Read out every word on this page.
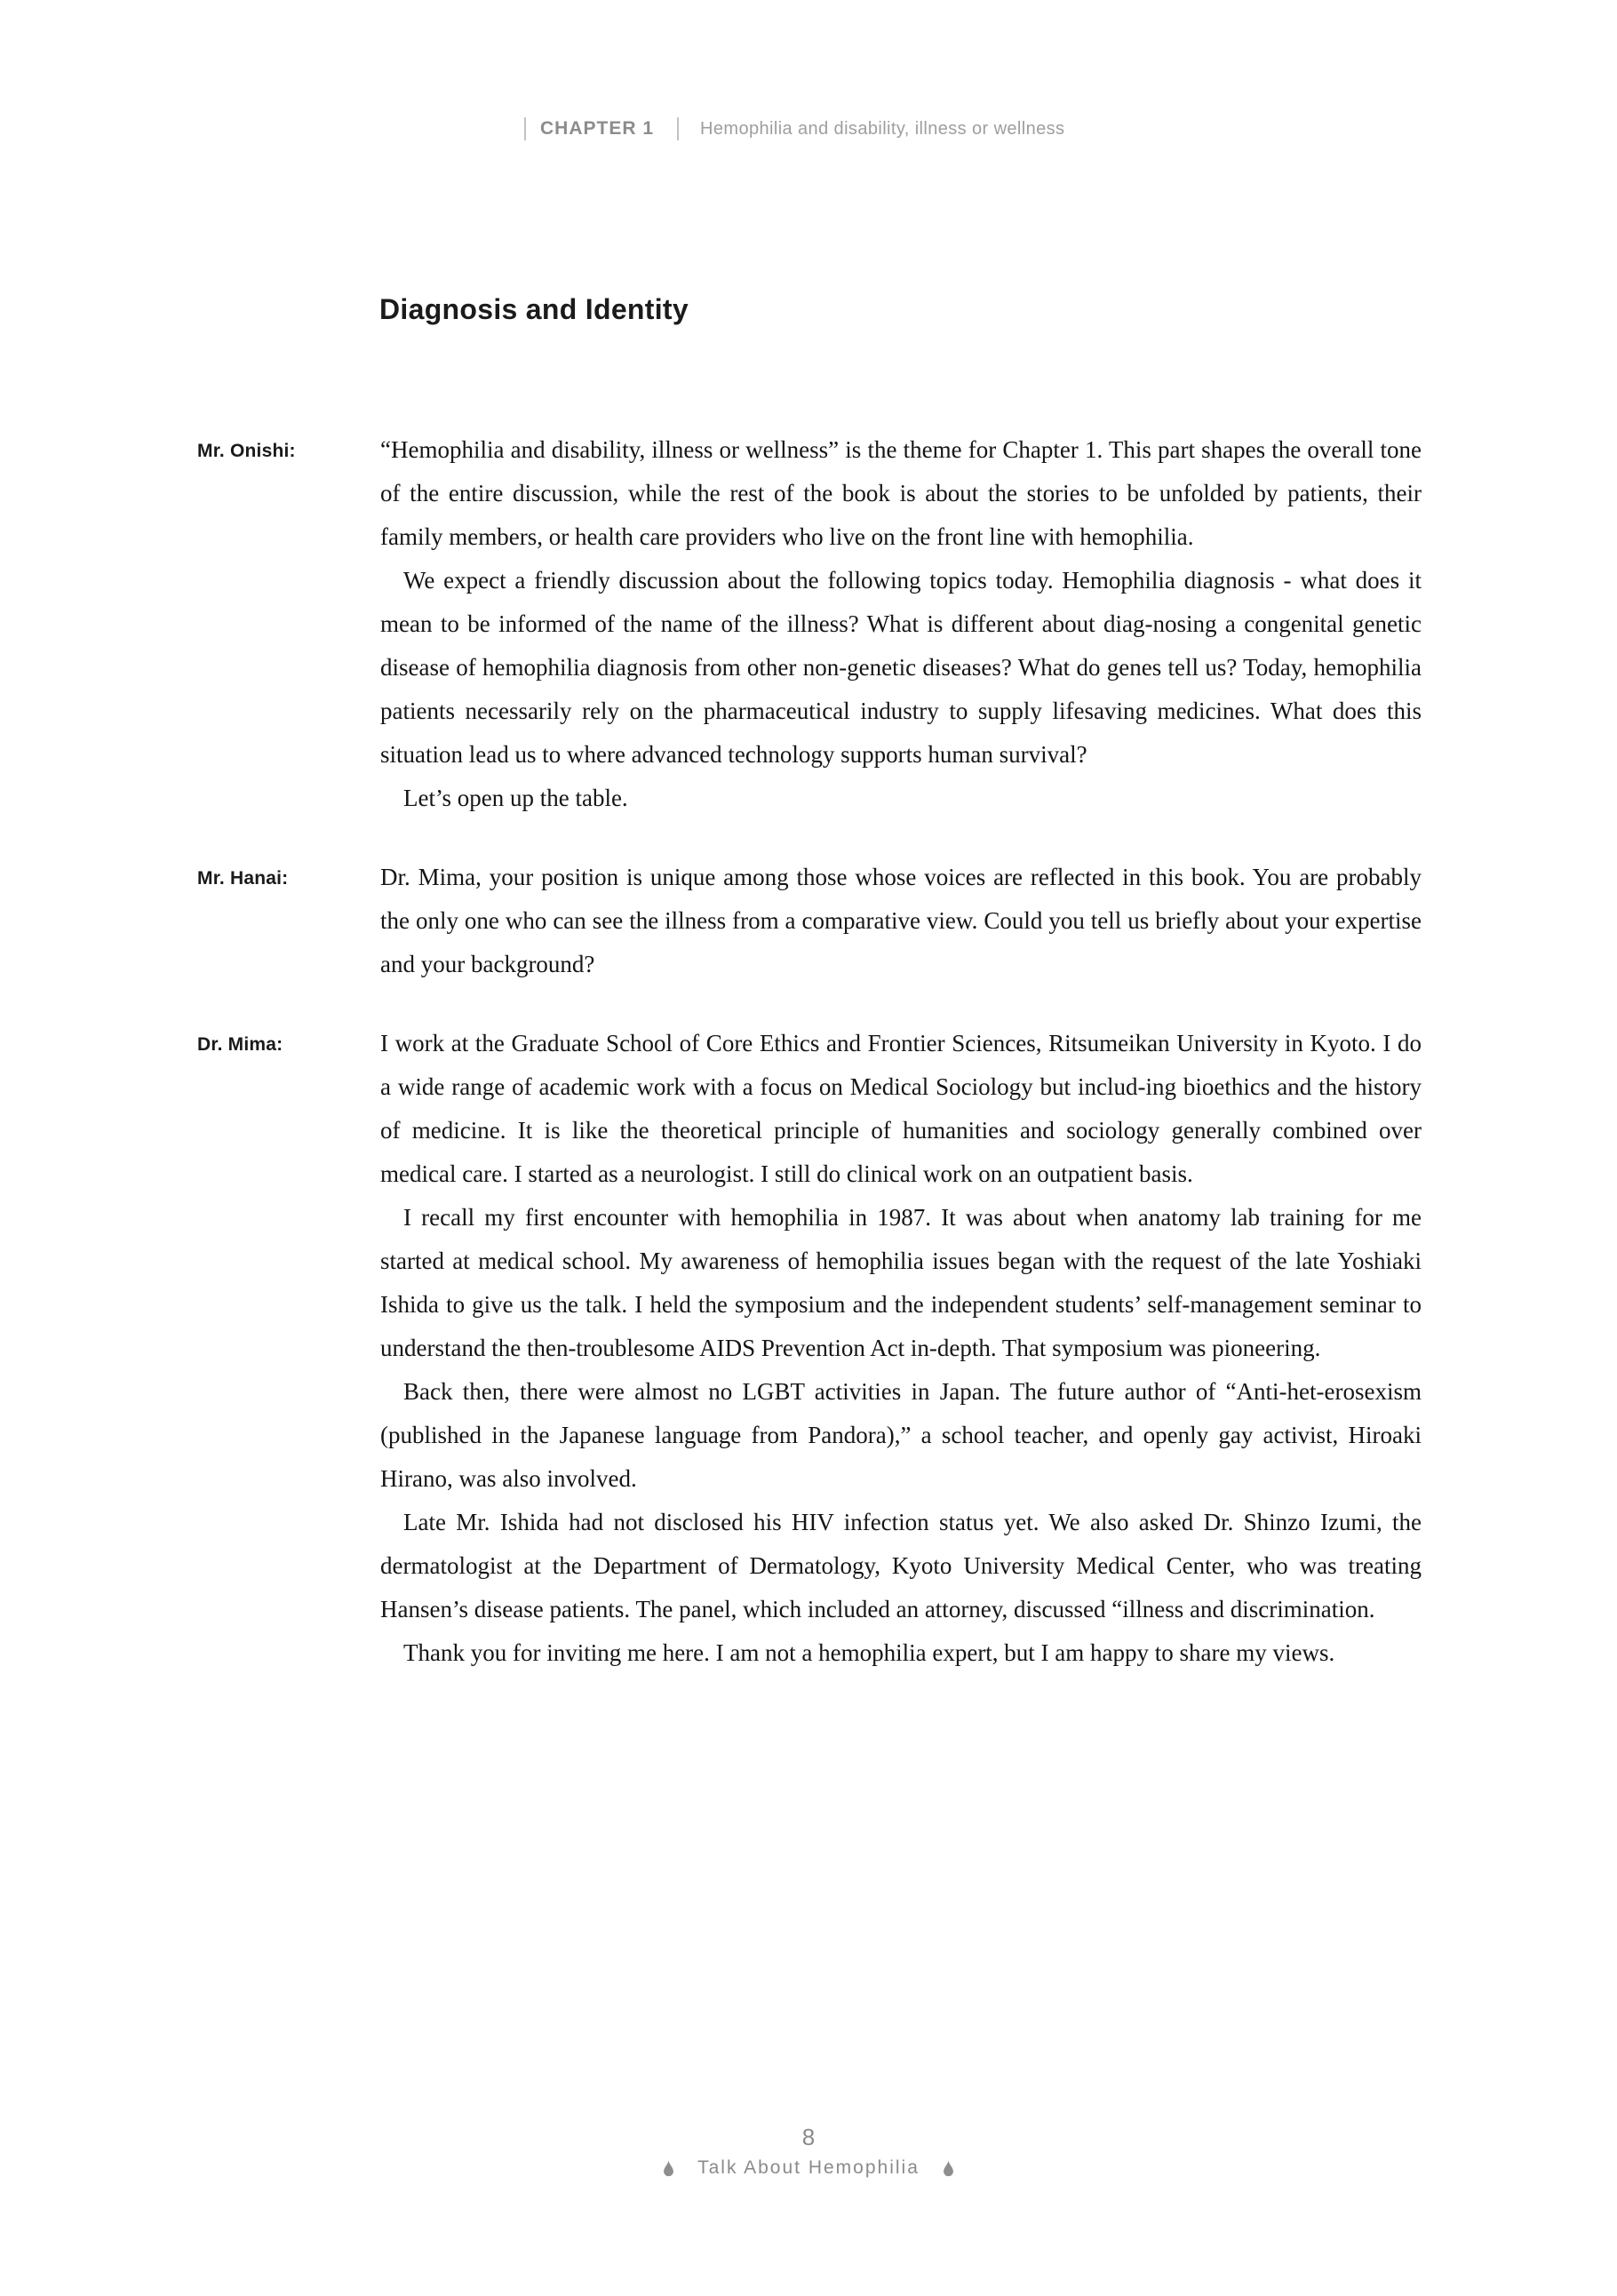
CHAPTER 1	Hemophilia and disability, illness or wellness
Diagnosis and Identity
Mr. Onishi:	“Hemophilia and disability, illness or wellness” is the theme for Chapter 1. This part shapes the overall tone of the entire discussion, while the rest of the book is about the stories to be unfolded by patients, their family members, or health care providers who live on the front line with hemophilia.

We expect a friendly discussion about the following topics today. Hemophilia diagnosis - what does it mean to be informed of the name of the illness? What is different about diag-nosing a congenital genetic disease of hemophilia diagnosis from other non-genetic diseases? What do genes tell us? Today, hemophilia patients necessarily rely on the pharmaceutical industry to supply lifesaving medicines. What does this situation lead us to where advanced technology supports human survival?

Let’s open up the table.

Mr. Hanai:	Dr. Mima, your position is unique among those whose voices are reflected in this book. You are probably the only one who can see the illness from a comparative view. Could you tell us briefly about your expertise and your background?

Dr. Mima:	I work at the Graduate School of Core Ethics and Frontier Sciences, Ritsumeikan University in Kyoto. I do a wide range of academic work with a focus on Medical Sociology but includ-ing bioethics and the history of medicine. It is like the theoretical principle of humanities and sociology generally combined over medical care. I started as a neurologist. I still do clinical work on an outpatient basis.

I recall my first encounter with hemophilia in 1987. It was about when anatomy lab training for me started at medical school. My awareness of hemophilia issues began with the request of the late Yoshiaki Ishida to give us the talk. I held the symposium and the independent students’ self-management seminar to understand the then-troublesome AIDS Prevention Act in-depth. That symposium was pioneering.

Back then, there were almost no LGBT activities in Japan. The future author of “Anti-het-erosexism (published in the Japanese language from Pandora),” a school teacher, and openly gay activist, Hiroaki Hirano, was also involved.

Late Mr. Ishida had not disclosed his HIV infection status yet. We also asked Dr. Shinzo Izumi, the dermatologist at the Department of Dermatology, Kyoto University Medical Center, who was treating Hansen’s disease patients. The panel, which included an attorney, discussed “illness and discrimination.

Thank you for inviting me here. I am not a hemophilia expert, but I am happy to share my views.

8
Talk About Hemophilia
